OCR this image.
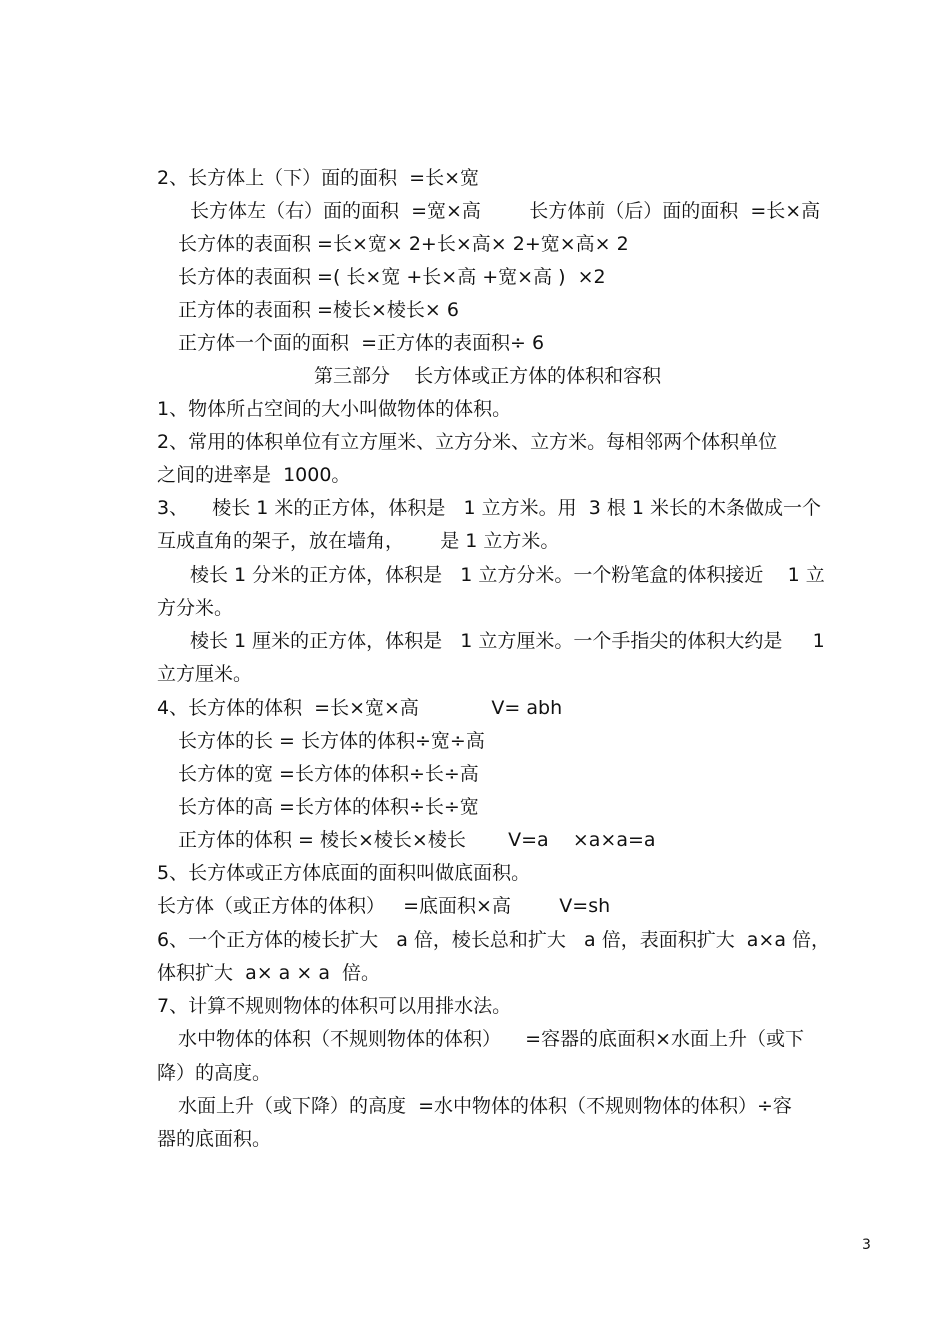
2、长方体上（下）面的面积  =长×宽
长方体左（右）面的面积  =宽×高        长方体前（后）面的面积  =长×高
长方体的表面积 =长×宽× 2+长×高× 2+宽×高× 2
长方体的表面积 =( 长×宽 +长×高 +宽×高 )  ×2
正方体的表面积 =棱长×棱长× 6
正方体一个面的面积  =正方体的表面积÷ 6
第三部分    长方体或正方体的体积和容积
1、物体所占空间的大小叫做物体的体积。
2、常用的体积单位有立方厘米、立方分米、立方米。每相邻两个体积单位
之间的进率是  1000。
3、    棱长 1 米的正方体，体积是   1 立方米。用  3 根 1 米长的木条做成一个
互成直角的架子，放在墙角，      是 1 立方米。
棱长 1 分米的正方体，体积是   1 立方分米。一个粉笔盒的体积接近    1 立
方分米。
棱长 1 厘米的正方体，体积是   1 立方厘米。一个手指尖的体积大约是     1
立方厘米。
4、长方体的体积  =长×宽×高            V= abh
长方体的长 = 长方体的体积÷宽÷高
长方体的宽 =长方体的体积÷长÷高
长方体的高 =长方体的体积÷长÷宽
正方体的体积 = 棱长×棱长×棱长       V=a    ×a×a=a
5、长方体或正方体底面的面积叫做底面积。
长方体（或正方体的体积）   =底面积×高        V=sh
6、一个正方体的棱长扩大   a 倍，棱长总和扩大   a 倍，表面积扩大  a×a 倍，
体积扩大  a× a × a  倍。
7、计算不规则物体的体积可以用排水法。
水中物体的体积（不规则物体的体积）    =容器的底面积×水面上升（或下
降）的高度。
水面上升（或下降）的高度  =水中物体的体积（不规则物体的体积）÷容
器的底面积。
3
